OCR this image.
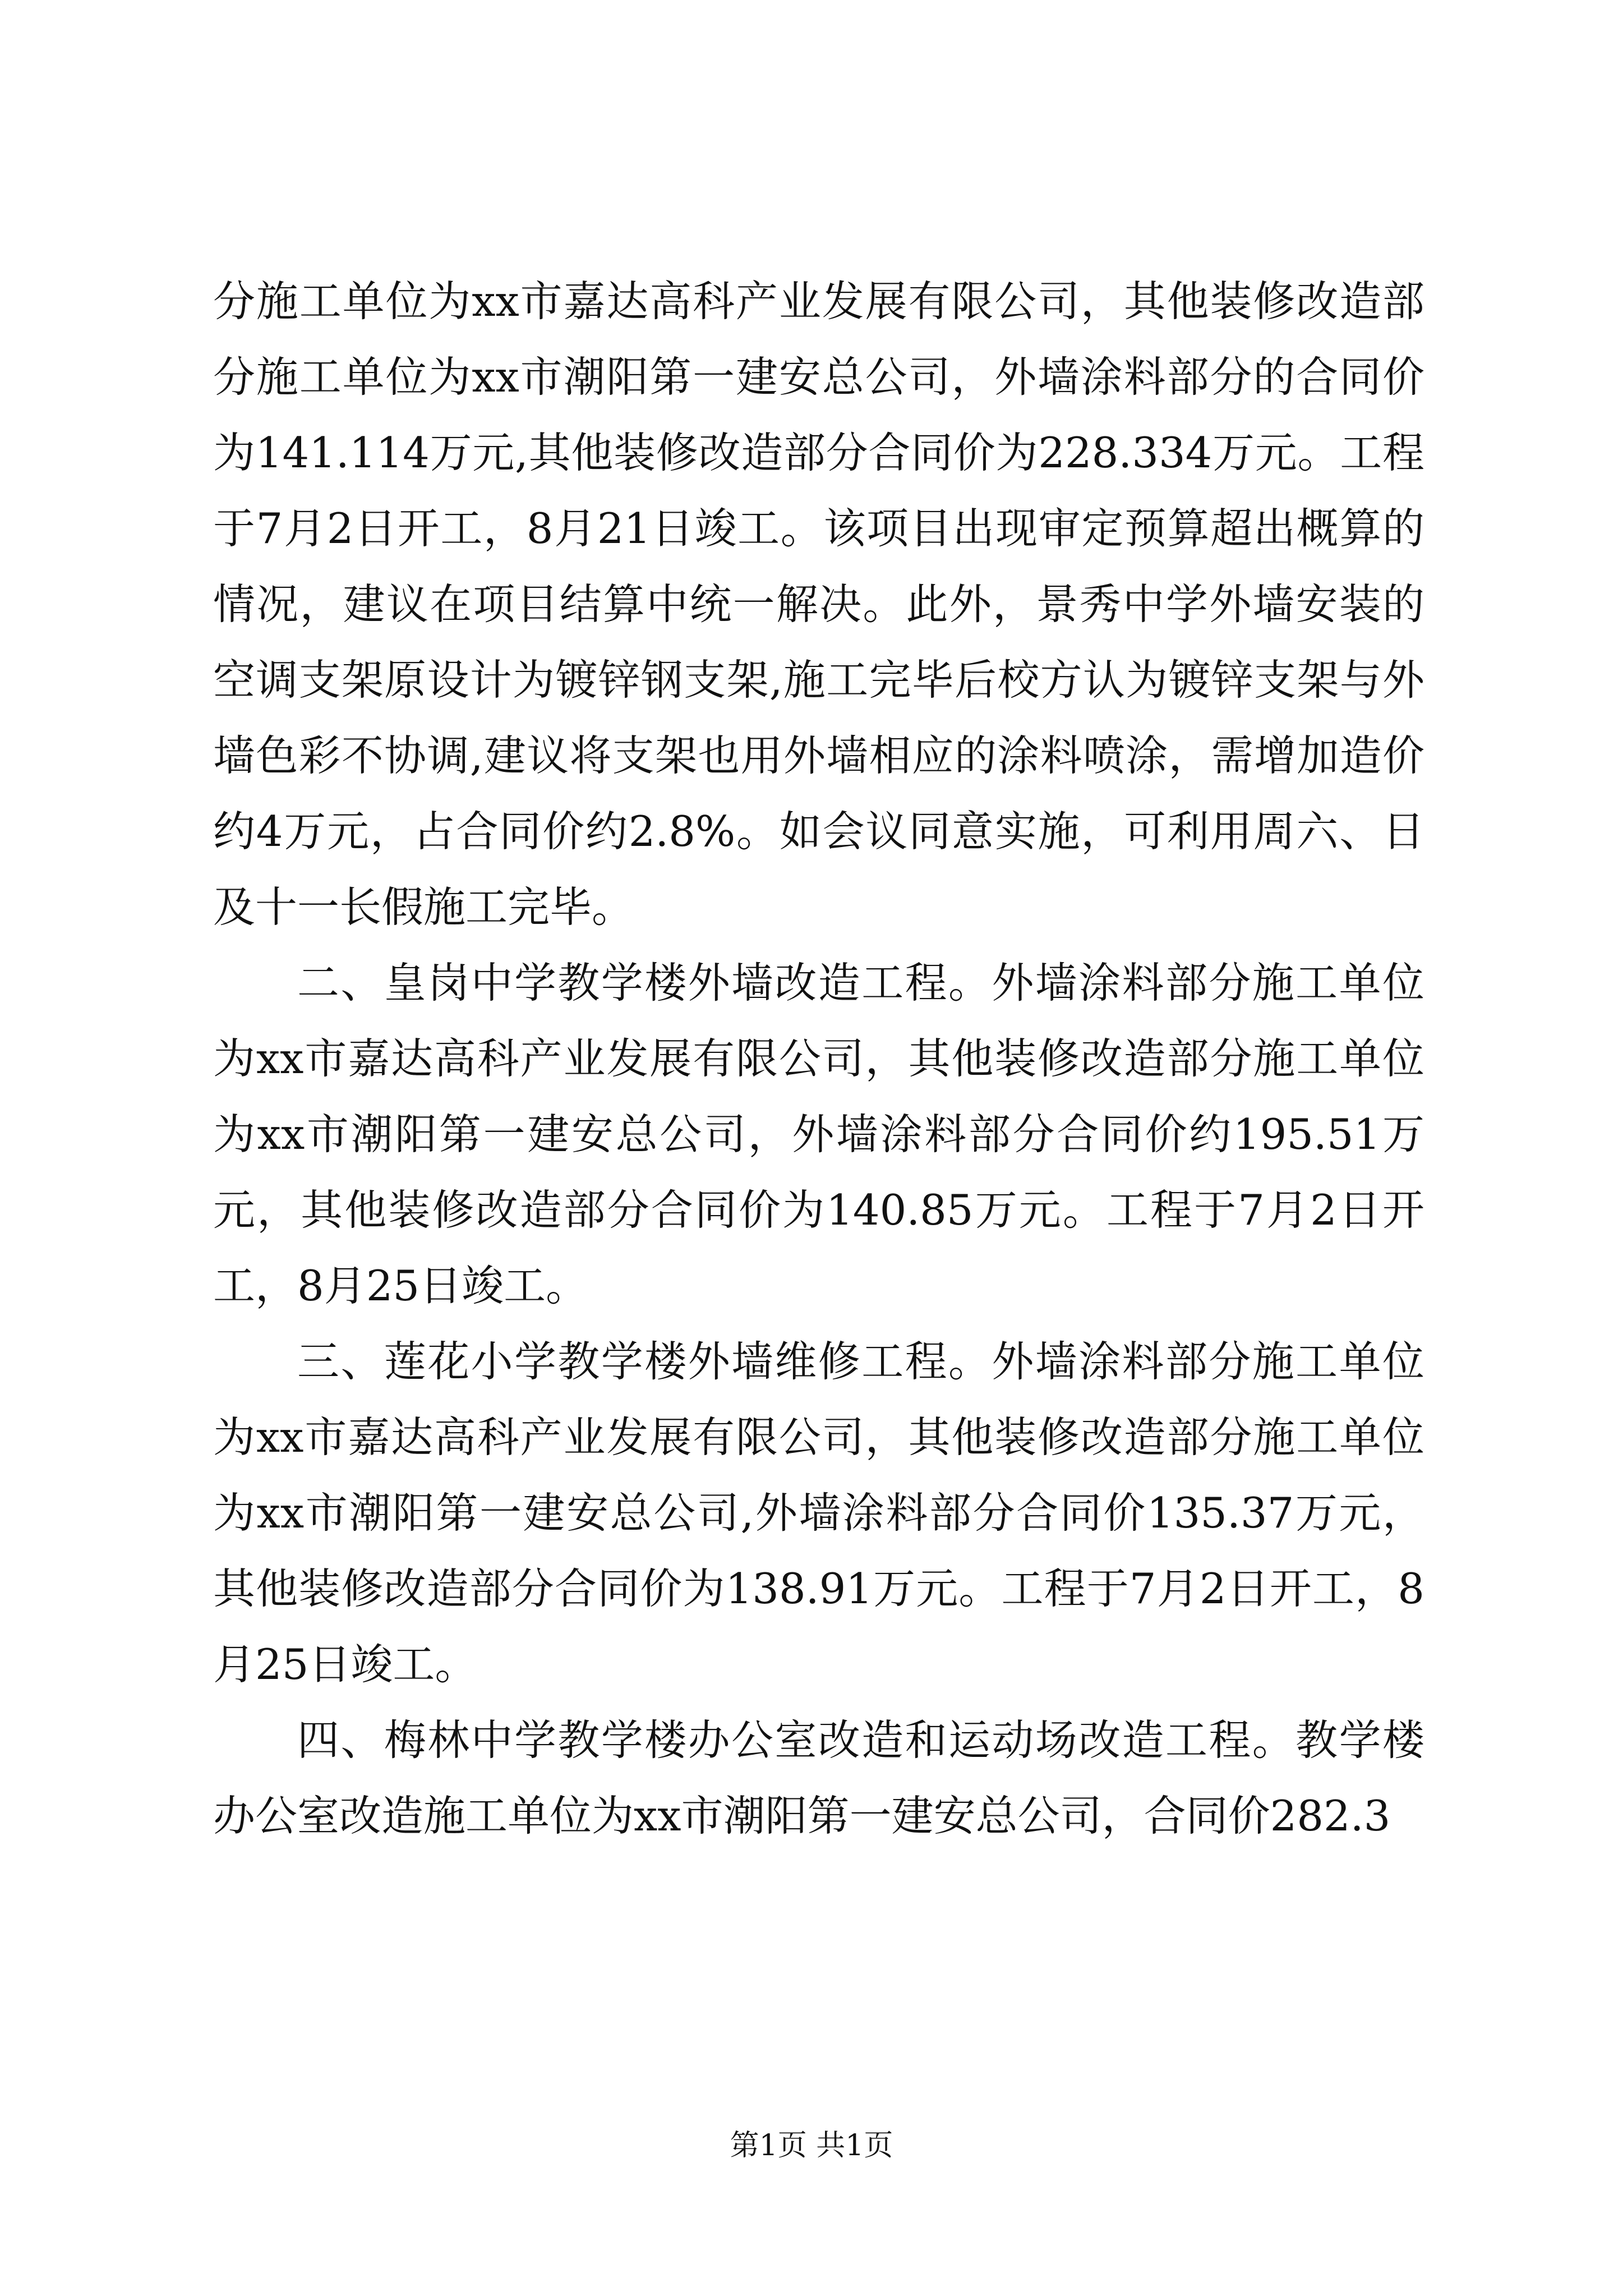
分施工单位为xx市嘉达高科产业发展有限公司，其他装修改造部分施工单位为xx市潮阳第一建安总公司，外墙涂料部分的合同价为141.114万元,其他装修改造部分合同价为228.334万元。工程于7月2日开工，8月21日竣工。该项目出现审定预算超出概算的情况，建议在项目结算中统一解决。此外，景秀中学外墙安装的空调支架原设计为镀锌钢支架,施工完毕后校方认为镀锌支架与外墙色彩不协调,建议将支架也用外墙相应的涂料喷涂，需增加造价约4万元，占合同价约2.8%。如会议同意实施，可利用周六、日及十一长假施工完毕。

二、皇岗中学教学楼外墙改造工程。外墙涂料部分施工单位为xx市嘉达高科产业发展有限公司，其他装修改造部分施工单位为xx市潮阳第一建安总公司，外墙涂料部分合同价约195.51万元，其他装修改造部分合同价为140.85万元。工程于7月2日开工，8月25日竣工。

三、莲花小学教学楼外墙维修工程。外墙涂料部分施工单位为xx市嘉达高科产业发展有限公司，其他装修改造部分施工单位为xx市潮阳第一建安总公司,外墙涂料部分合同价135.37万元，其他装修改造部分合同价为138.91万元。工程于7月2日开工，8月25日竣工。

四、梅林中学教学楼办公室改造和运动场改造工程。教学楼办公室改造施工单位为xx市潮阳第一建安总公司，合同价282.3

第1页 共1页
